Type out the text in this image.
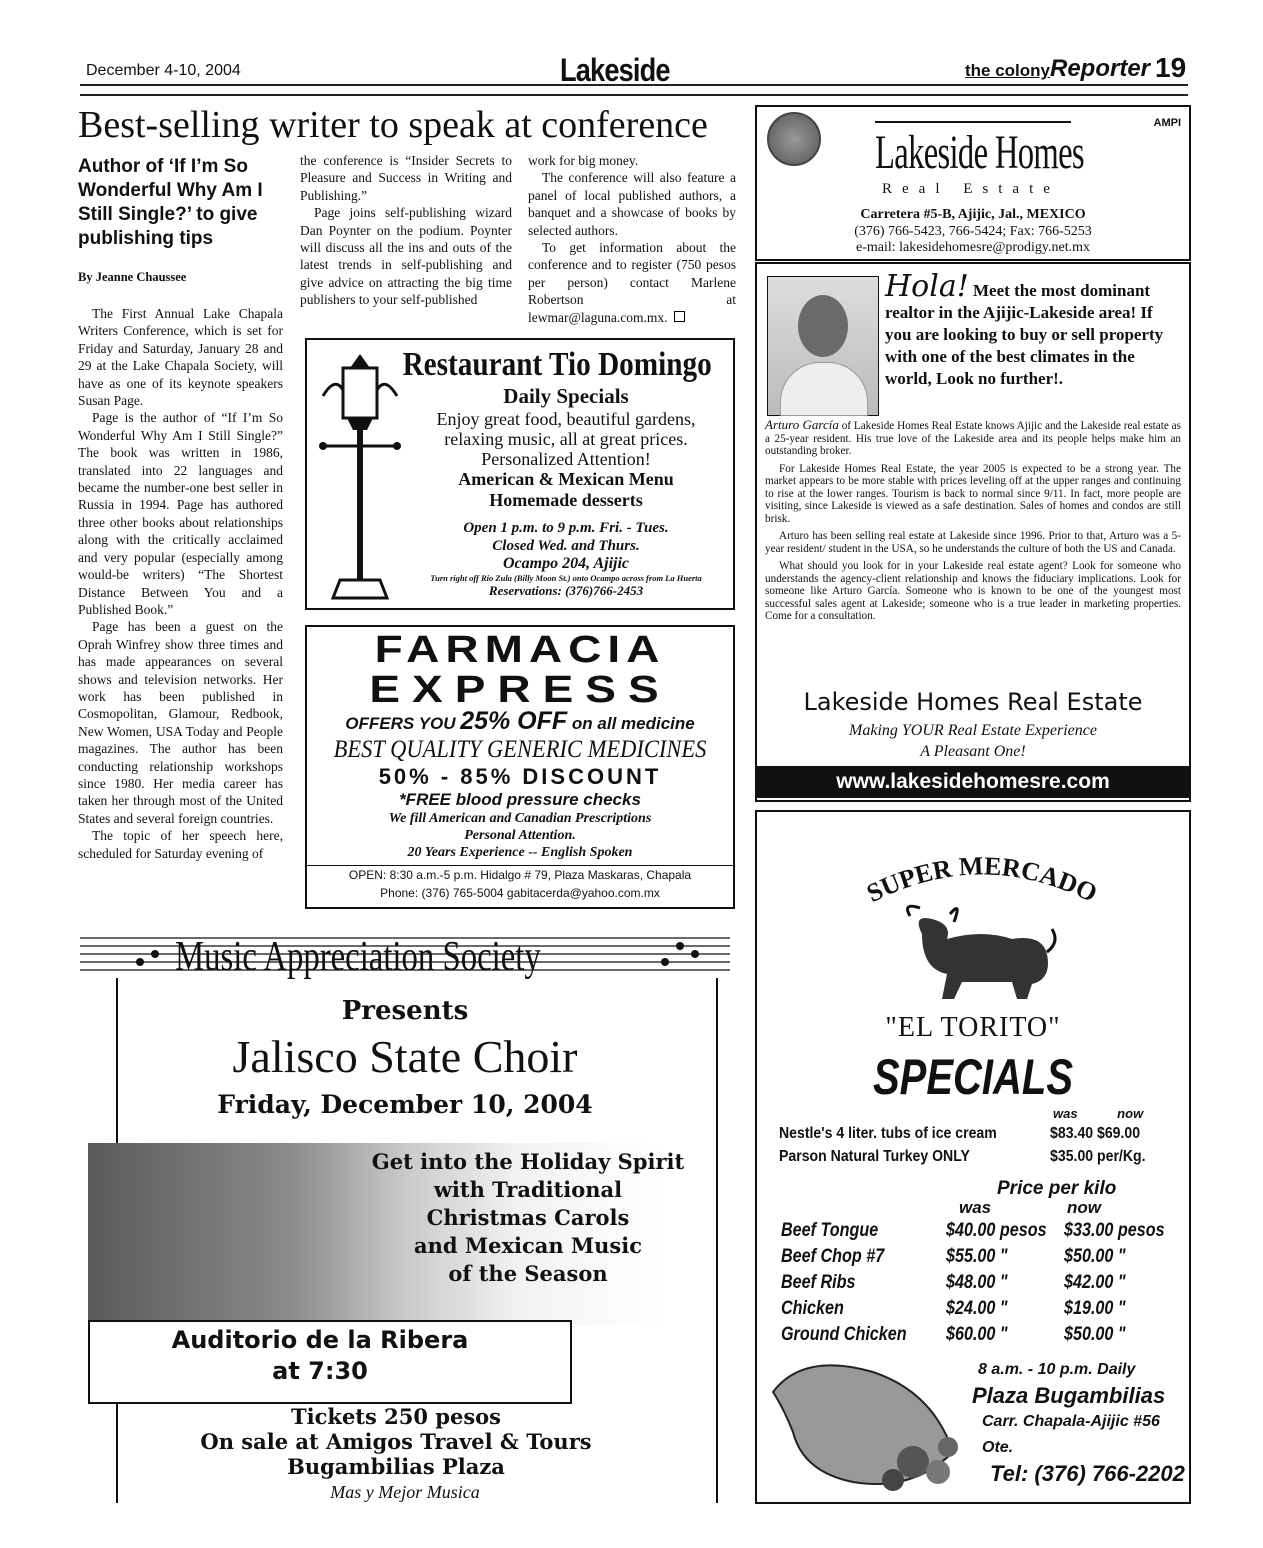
December 4-10, 2004	Lakeside	the colony Reporter 19
Best-selling writer to speak at conference
Author of ‘If I’m So Wonderful Why Am I Still Single?’ to give publishing tips
By Jeanne Chaussee

The First Annual Lake Chapala Writers Conference, which is set for Friday and Saturday, January 28 and 29 at the Lake Chapala Society, will have as one of its keynote speakers Susan Page.

Page is the author of “If I’m So Wonderful Why Am I Still Single?” The book was written in 1986, translated into 22 languages and became the number-one best seller in Russia in 1994. Page has authored three other books about relationships along with the critically acclaimed and very popular (especially among would-be writers) “The Shortest Distance Between You and a Published Book.”

Page has been a guest on the Oprah Winfrey show three times and has made appearances on several shows and television networks. Her work has been published in Cosmopolitan, Glamour, Redbook, New Women, USA Today and People magazines. The author has been conducting relationship workshops since 1980. Her media career has taken her through most of the United States and several foreign countries.

The topic of her speech here, scheduled for Saturday evening of

the conference is “Insider Secrets to Pleasure and Success in Writing and Publishing.”

Page joins self-publishing wizard Dan Poynter on the podium. Poynter will discuss all the ins and outs of the latest trends in self-publishing and give advice on attracting the big time publishers to your self-published

work for big money.

The conference will also feature a panel of local published authors, a banquet and a showcase of books by selected authors.

To get information about the conference and to register (750 pesos per person) contact Marlene Robertson at lewmar@laguna.com.mx.

Restaurant Tio Domingo
Daily Specials
Enjoy great food, beautiful gardens,
relaxing music, all at great prices.
Personalized Attention!
American & Mexican Menu
Homemade desserts
Open 1 p.m. to 9 p.m. Fri. - Tues.
Closed Wed. and Thurs.
Ocampo 204, Ajijic
Turn right off Rio Zula (Billy Moon St.) onto Ocampo across from La Huerta
Reservations: (376)766-2453
FARMACIA
EXPRESS
OFFERS YOU 25% OFF on all medicine
BEST QUALITY GENERIC MEDICINES
50% - 85% DISCOUNT
*FREE blood pressure checks
We fill American and Canadian Prescriptions
Personal Attention.
20 Years Experience -- English Spoken
OPEN: 8:30 a.m.-5 p.m. Hidalgo # 79, Plaza Maskaras, Chapala
Phone: (376) 765-5004 gabitacerda@yahoo.com.mx
Lakeside Homes
Real Estate
AMPI
Carretera #5-B, Ajijic, Jal., MEXICO
(376) 766-5423, 766-5424; Fax: 766-5253
e-mail: lakesidehomesre@prodigy.net.mx
Hola! Meet the most dominant realtor in the Ajijic-Lakeside area! If you are looking to buy or sell property with one of the best climates in the world, Look no further!.

Arturo García of Lakeside Homes Real Estate knows Ajijic and the Lakeside real estate as a 25-year resident. His true love of the Lakeside area and its people helps make him an outstanding broker.

For Lakeside Homes Real Estate, the year 2005 is expected to be a strong year. The market appears to be more stable with prices leveling off at the upper ranges and continuing to rise at the lower ranges. Tourism is back to normal since 9/11. In fact, more people are visiting, since Lakeside is viewed as a safe destination. Sales of homes and condos are still brisk.

Arturo has been selling real estate at Lakeside since 1996. Prior to that, Arturo was a 5-year resident/ student in the USA, so he understands the culture of both the US and Canada.

What should you look for in your Lakeside real estate agent? Look for someone who understands the agency-client relationship and knows the fiduciary implications. Look for someone like Arturo García. Someone who is known to be one of the youngest most successful sales agent at Lakeside; someone who is a true leader in marketing properties. Come for a consultation.

Lakeside Homes Real Estate
Making YOUR Real Estate Experience
A Pleasant One!
www.lakesidehomesre.com
SUPER MERCADO
"EL TORITO"
SPECIALS
was now
Nestle's 4 liter. tubs of ice cream	$83.40 $69.00
Parson Natural Turkey ONLY	$35.00 per/Kg.
Price per kilo
was	now
Beef Tongue	$40.00 pesos	$33.00 pesos
Beef Chop #7	$55.00 "	$50.00 "
Beef Ribs	$48.00 "	$42.00 "
Chicken	$24.00 "	$19.00 "
Ground Chicken	$60.00 "	$50.00 "
8 a.m. - 10 p.m. Daily
Plaza Bugambilias
Carr. Chapala-Ajijic #56 Ote.
Tel: (376) 766-2202
Music Appreciation Society
Presents
Jalisco State Choir
Friday, December 10, 2004
Get into the Holiday Spirit
with Traditional
Christmas Carols
and Mexican Music
of the Season
Auditorio de la Ribera
at 7:30
Tickets 250 pesos
On sale at Amigos Travel & Tours
Bugambilias Plaza
Mas y Mejor Musica
